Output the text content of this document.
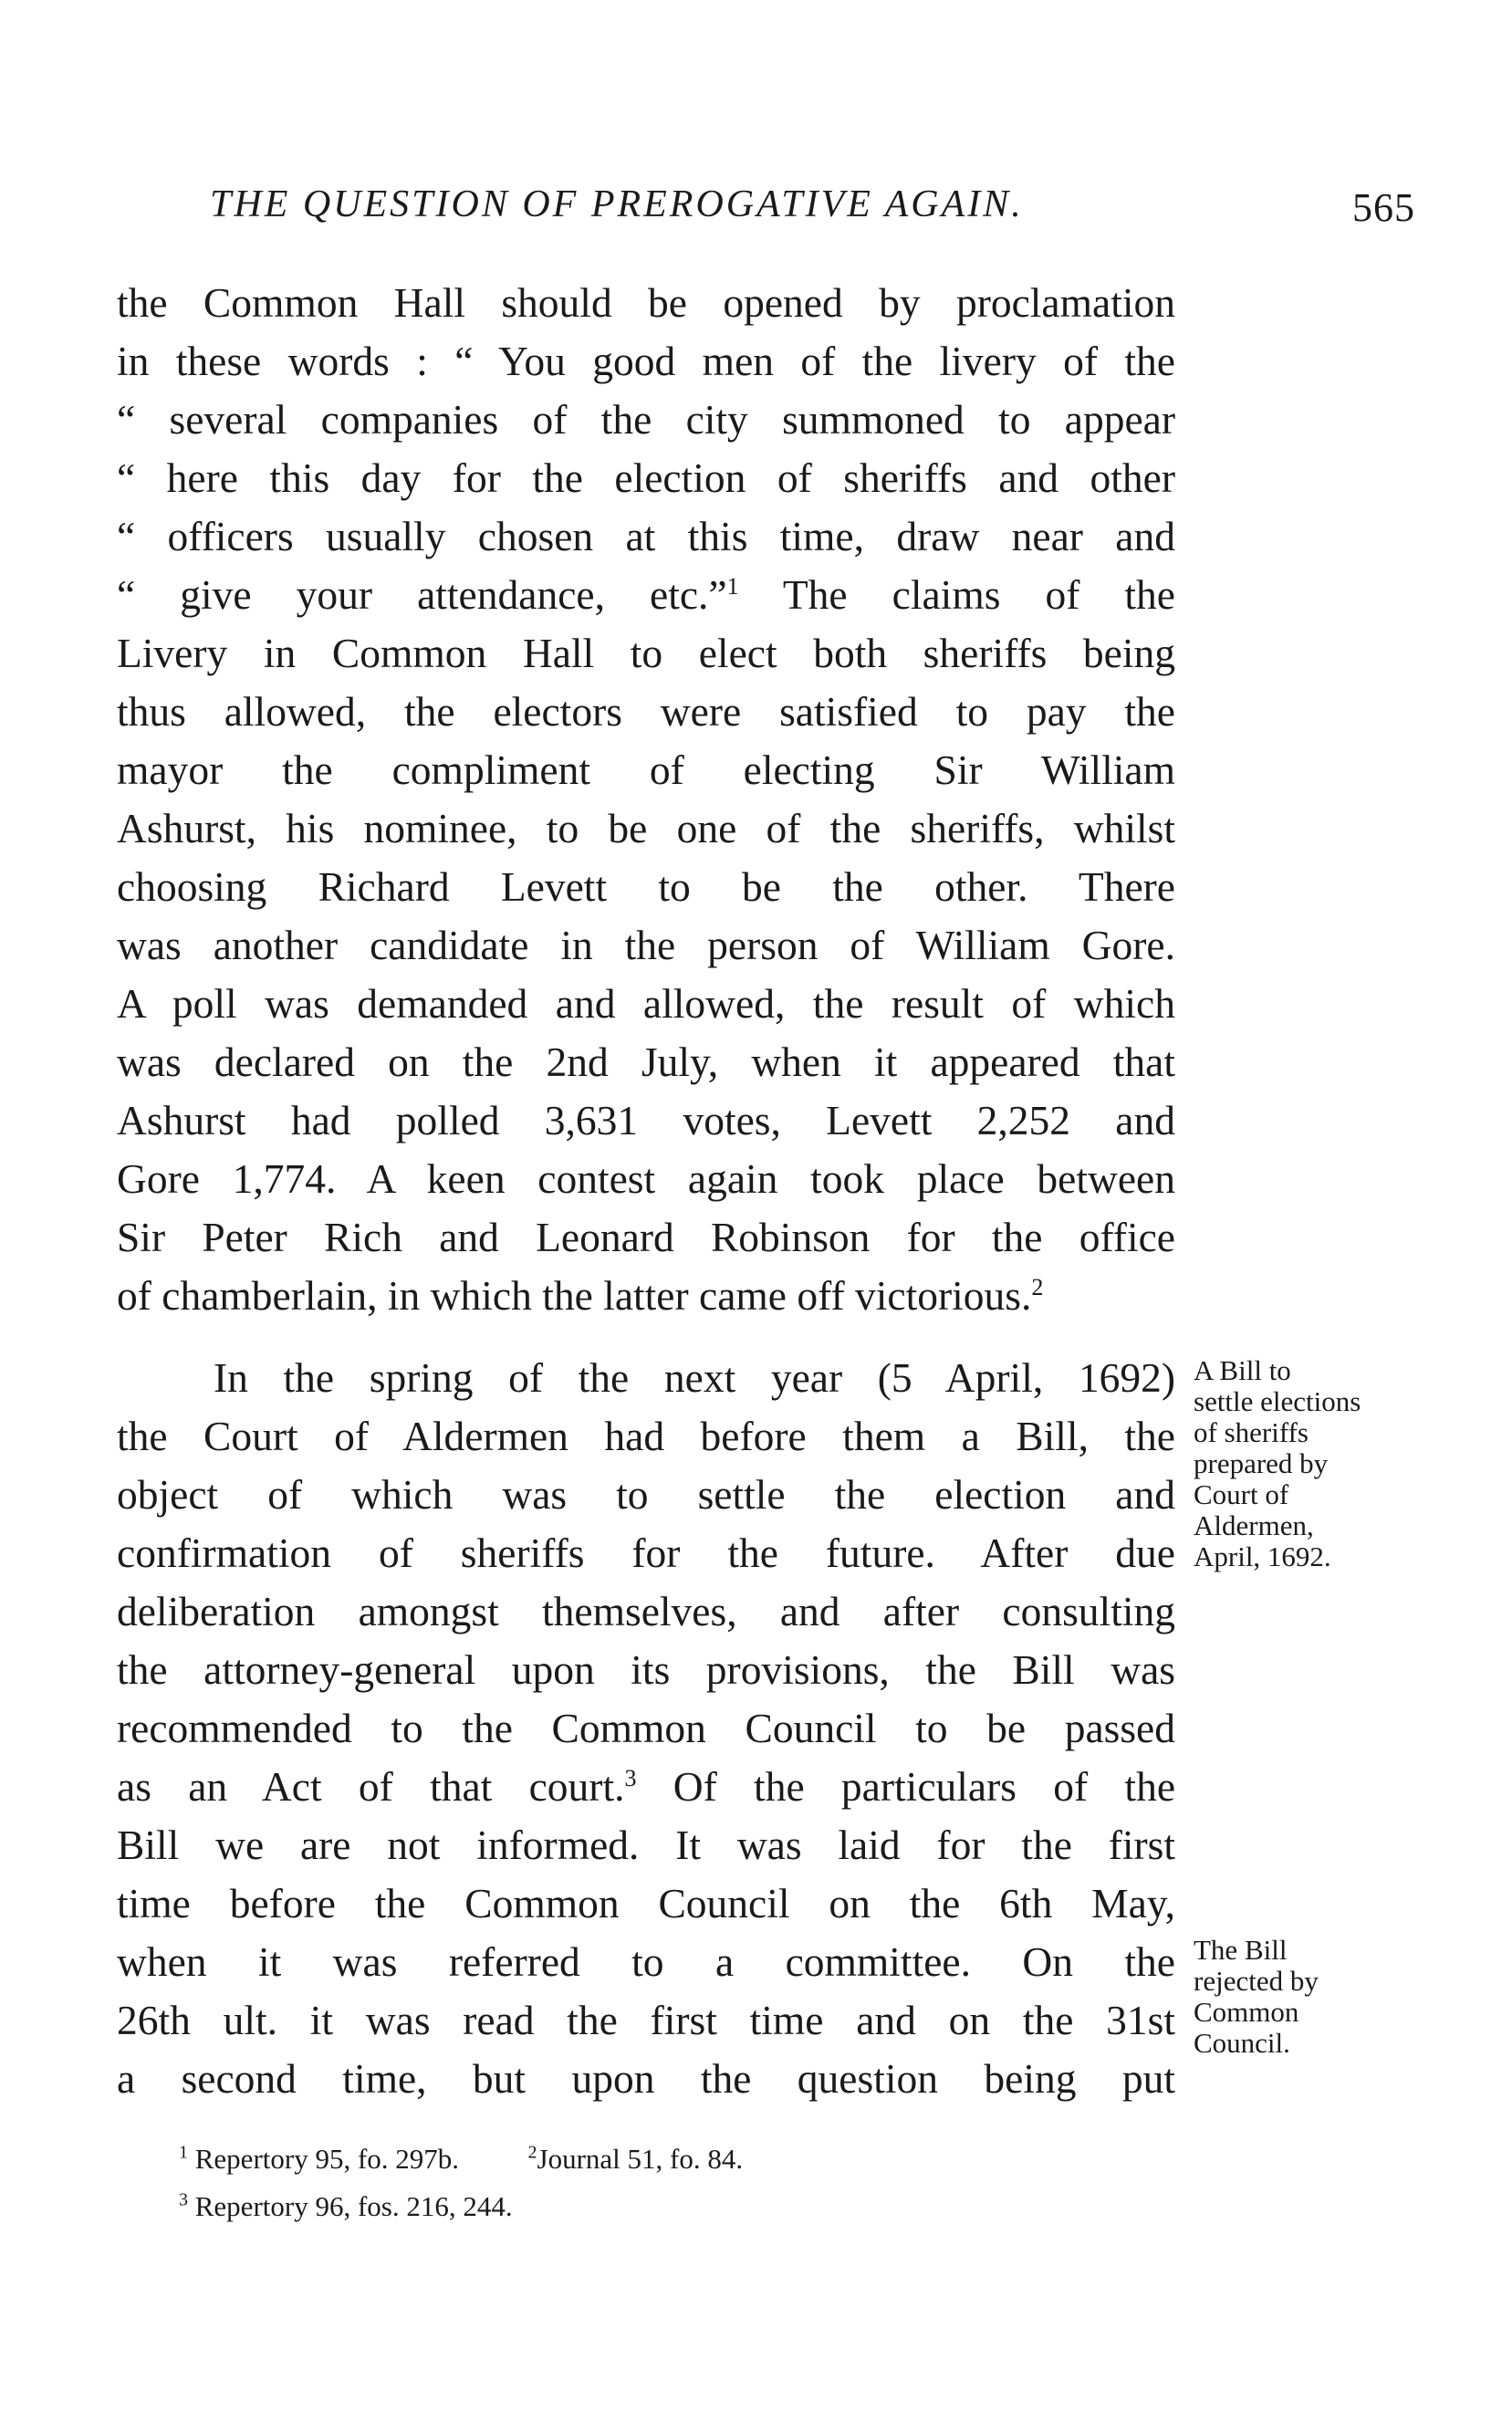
THE QUESTION OF PREROGATIVE AGAIN.	565
the Common Hall should be opened by proclamation
in these words : “ You good men of the livery of the
“ several companies of the city summoned to appear
“ here this day for the election of sheriffs and other
“ officers usually chosen at this time, draw near and
“ give your attendance, etc.”$^1$ The claims of the
Livery in Common Hall to elect both sheriffs being
thus allowed, the electors were satisfied to pay the
mayor the compliment of electing Sir William
Ashurst, his nominee, to be one of the sheriffs, whilst
choosing Richard Levett to be the other. There
was another candidate in the person of William Gore.
A poll was demanded and allowed, the result of which
was declared on the 2nd July, when it appeared that
Ashurst had polled 3,631 votes, Levett 2,252 and
Gore 1,774. A keen contest again took place between
Sir Peter Rich and Leonard Robinson for the office
of chamberlain, in which the latter came off victorious.$^2$
In the spring of the next year (5 April, 1692)
the Court of Aldermen had before them a Bill, the
object of which was to settle the election and
confirmation of sheriffs for the future. After due
deliberation amongst themselves, and after consulting
the attorney-general upon its provisions, the Bill was
recommended to the Common Council to be passed
as an Act of that court.$^3$ Of the particulars of the
Bill we are not informed. It was laid for the first
time before the Common Council on the 6th May,
when it was referred to a committee. On the
26th ult. it was read the first time and on the 31st
a second time, but upon the question being put
A Bill to
settle elections
of sheriffs
prepared by
Court of
Aldermen,
April, 1692.
The Bill
rejected by
Common
Council.
$^1$ Repertory 95, fo. 297b.	$^2$Journal 51, fo. 84.
$^3$ Repertory 96, fos. 216, 244.
